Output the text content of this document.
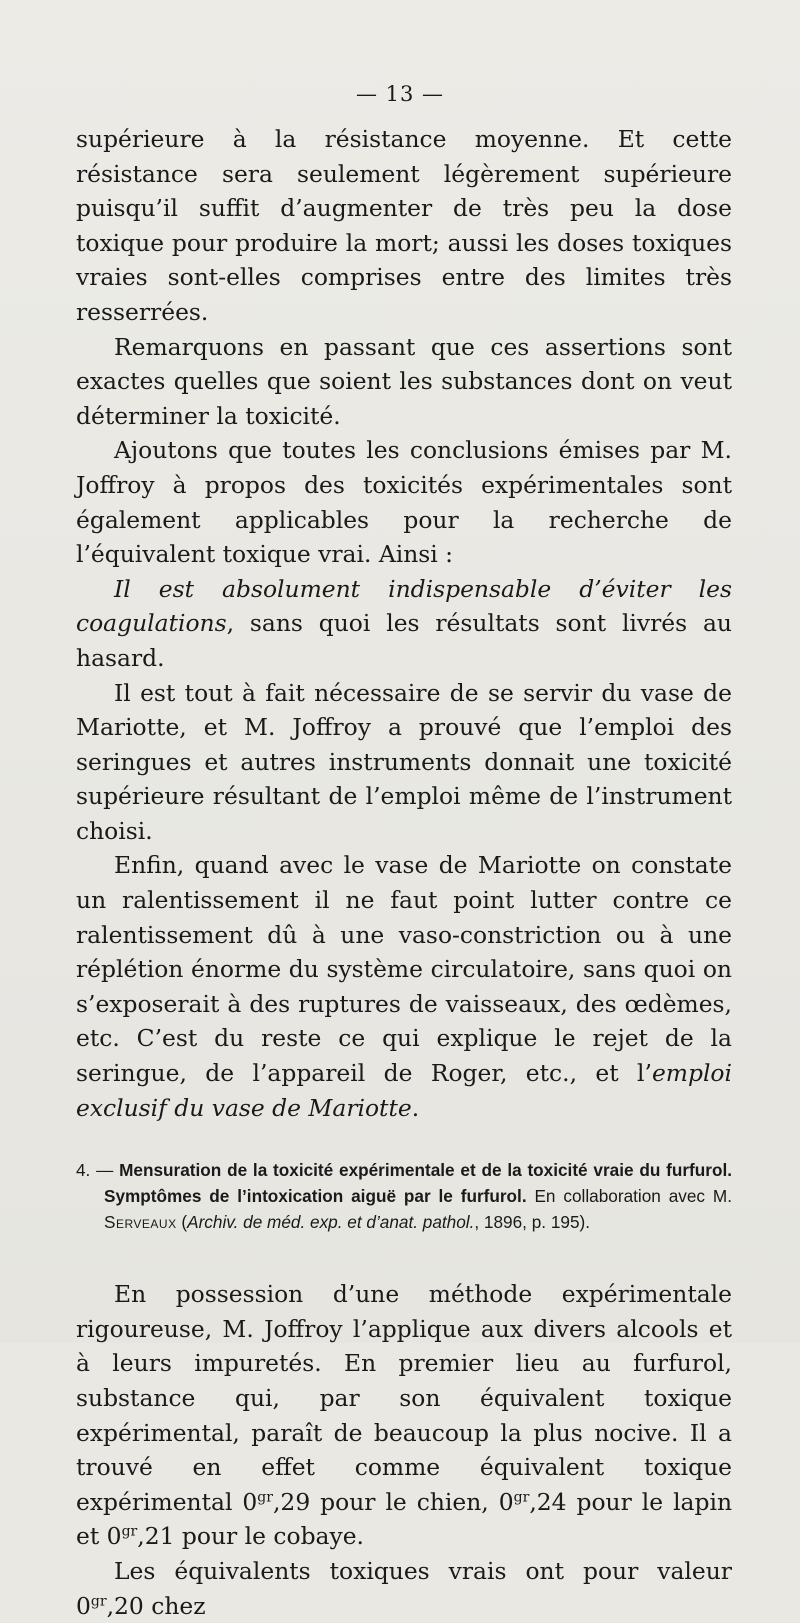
— 13 —

supérieure à la résistance moyenne. Et cette résistance sera seulement légèrement supérieure puisqu’il suffit d’augmenter de très peu la dose toxique pour produire la mort; aussi les doses toxiques vraies sont-elles comprises entre des limites très resserrées.

Remarquons en passant que ces assertions sont exactes quelles que soient les substances dont on veut déterminer la toxicité.

Ajoutons que toutes les conclusions émises par M. Joffroy à propos des toxicités expérimentales sont également applicables pour la recherche de l’équivalent toxique vrai. Ainsi :

Il est absolument indispensable d’éviter les coagulations, sans quoi les résultats sont livrés au hasard.

Il est tout à fait nécessaire de se servir du vase de Mariotte, et M. Joffroy a prouvé que l’emploi des seringues et autres instruments donnait une toxicité supérieure résultant de l’emploi même de l’instrument choisi.

Enfin, quand avec le vase de Mariotte on constate un ralentissement il ne faut point lutter contre ce ralentissement dû à une vaso-constriction ou à une réplétion énorme du système circulatoire, sans quoi on s’exposerait à des ruptures de vaisseaux, des œdèmes, etc. C’est du reste ce qui explique le rejet de la seringue, de l’appareil de Roger, etc., et l’emploi exclusif du vase de Mariotte.

4. — Mensuration de la toxicité expérimentale et de la toxicité vraie du furfurol. Symptômes de l’intoxication aiguë par le furfurol. En collaboration avec M. Serveaux (Archiv. de méd. exp. et d’anat. pathol., 1896, p. 195).

En possession d’une méthode expérimentale rigoureuse, M. Joffroy l’applique aux divers alcools et à leurs impuretés. En premier lieu au furfurol, substance qui, par son équivalent toxique expérimental, paraît de beaucoup la plus nocive. Il a trouvé en effet comme équivalent toxique expérimental $0^{gr},29$ pour le chien, $0^{gr},24$ pour le lapin et $0^{gr},21$ pour le cobaye.

Les équivalents toxiques vrais ont pour valeur $0^{gr},20$ chez
